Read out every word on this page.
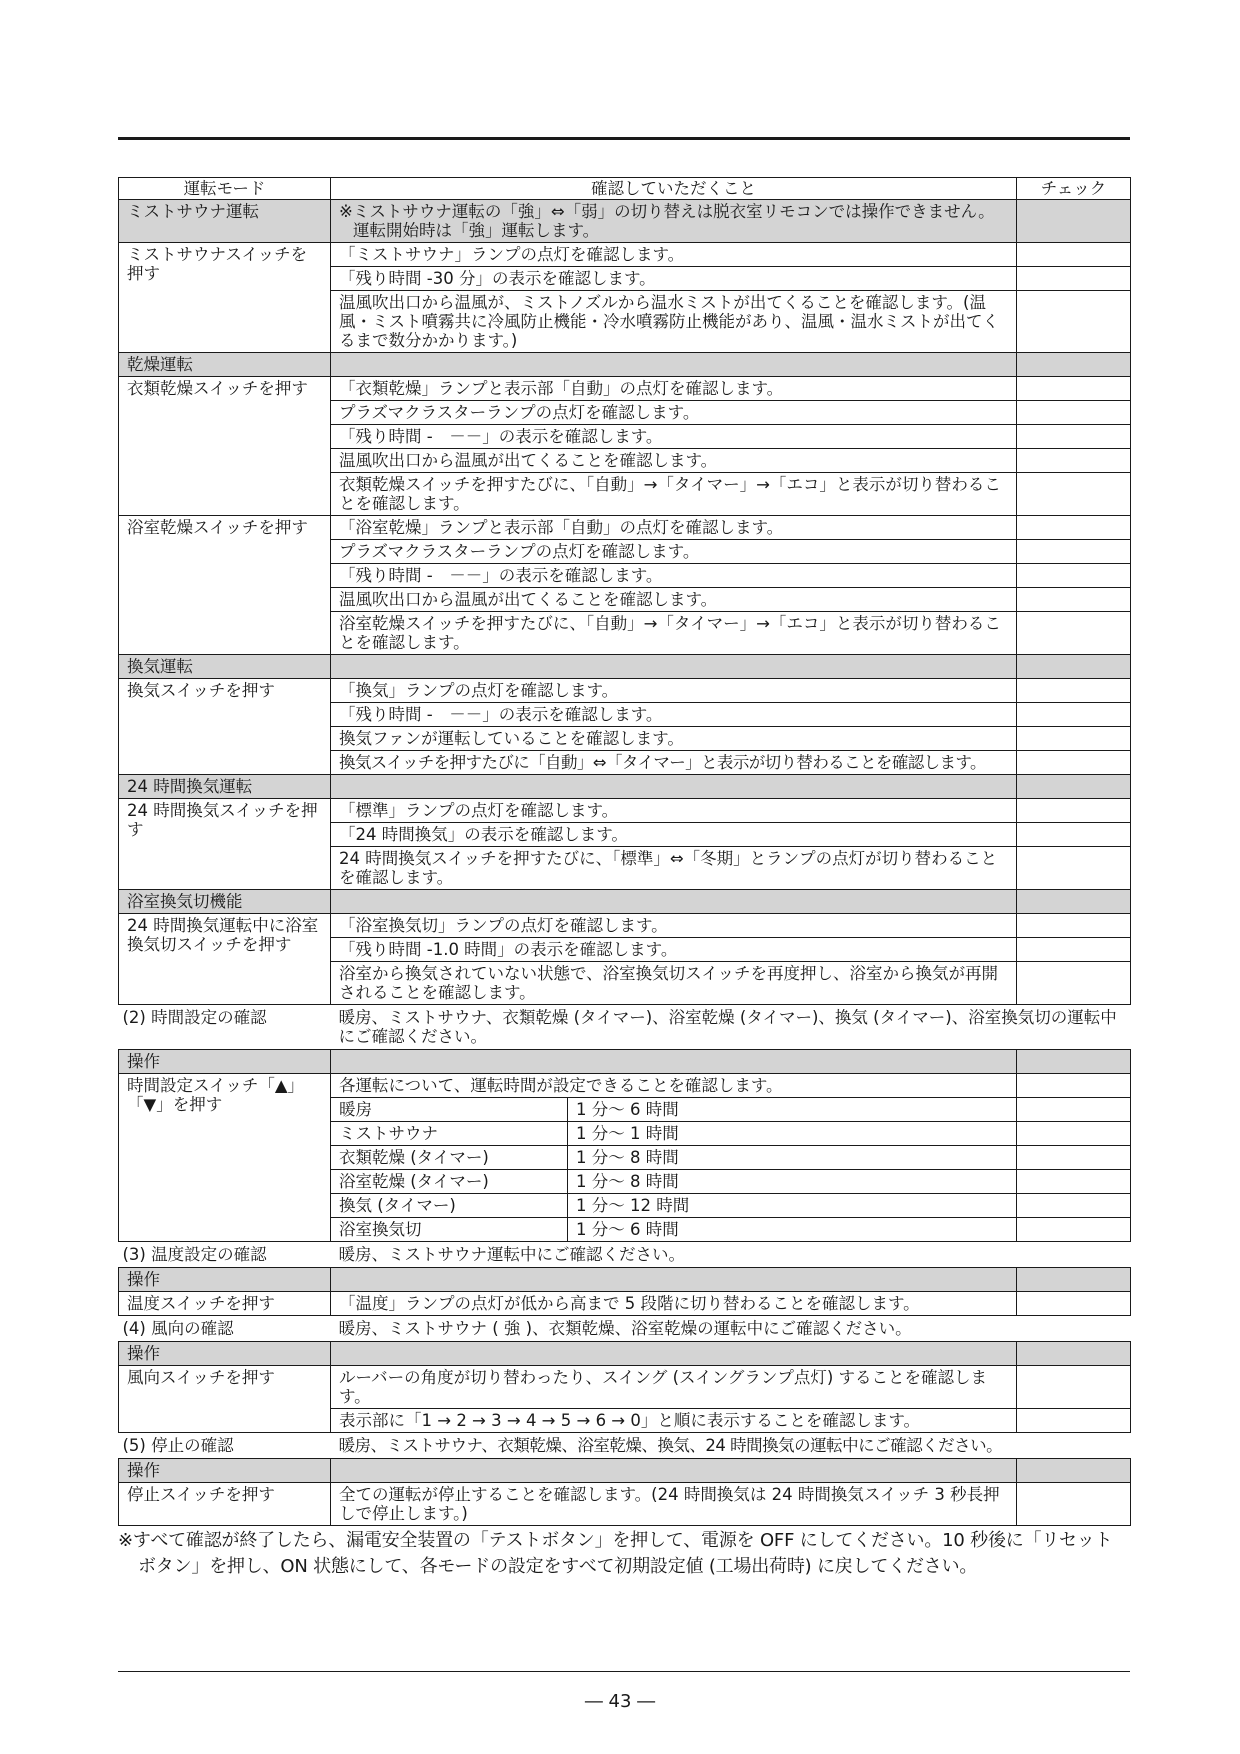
運転モード	確認していただくこと	チェック
ミストサウナ運転	※ミストサウナ運転の「強」⇔「弱」の切り替えは脱衣室リモコンでは操作できません。
運転開始時は「強」運転します。	

ミストサウナスイッチを押す	「ミストサウナ」ランプの点灯を確認します。	
	「残り時間 -30 分」の表示を確認します。	
	温風吹出口から温風が、ミストノズルから温水ミストが出てくることを確認します。(温風・ミスト噴霧共に冷風防止機能・冷水噴霧防止機能があり、温風・温水ミストが出てくるまで数分かかります。)	
乾燥運転		
衣類乾燥スイッチを押す	「衣類乾燥」ランプと表示部「自動」の点灯を確認します。	
	プラズマクラスターランプの点灯を確認します。	
	「残り時間 -　－－」の表示を確認します。	
	温風吹出口から温風が出てくることを確認します。	
	衣類乾燥スイッチを押すたびに、「自動」→「タイマー」→「エコ」と表示が切り替わることを確認します。	
浴室乾燥スイッチを押す	「浴室乾燥」ランプと表示部「自動」の点灯を確認します。	
	プラズマクラスターランプの点灯を確認します。	
	「残り時間 -　－－」の表示を確認します。	
	温風吹出口から温風が出てくることを確認します。	
	浴室乾燥スイッチを押すたびに、「自動」→「タイマー」→「エコ」と表示が切り替わることを確認します。	
換気運転		
換気スイッチを押す	「換気」ランプの点灯を確認します。	
	「残り時間 -　－－」の表示を確認します。	
	換気ファンが運転していることを確認します。	
	換気スイッチを押すたびに「自動」⇔「タイマー」と表示が切り替わることを確認します。	
24 時間換気運転		
24 時間換気スイッチを押す	「標準」ランプの点灯を確認します。	
	「24 時間換気」の表示を確認します。	
	24 時間換気スイッチを押すたびに、「標準」⇔「冬期」とランプの点灯が切り替わることを確認します。	
浴室換気切機能		
24 時間換気運転中に浴室換気切スイッチを押す	「浴室換気切」ランプの点灯を確認します。	
	「残り時間 -1.0 時間」の表示を確認します。	
	浴室から換気されていない状態で、浴室換気切スイッチを再度押し、浴室から換気が再開されることを確認します。	
(2) 時間設定の確認	暖房、ミストサウナ、衣類乾燥 (タイマー)、浴室乾燥 (タイマー)、換気 (タイマー)、浴室換気切の運転中にご確認ください。	
操作		
時間設定スイッチ「▲」「▼」を押す	各運転について、運転時間が設定できることを確認します。	

	暖房 1 分～ 6 時間	

	ミストサウナ 1 分～ 1 時間	

	衣類乾燥 (タイマー) 1 分～ 8 時間	

	浴室乾燥 (タイマー) 1 分～ 8 時間	

	換気 (タイマー) 1 分～ 12 時間	

	浴室換気切 1 分～ 6 時間	

(3) 温度設定の確認	暖房、ミストサウナ運転中にご確認ください。	
操作		
温度スイッチを押す	「温度」ランプの点灯が低から高まで 5 段階に切り替わることを確認します。	
(4) 風向の確認	暖房、ミストサウナ ( 強 )、衣類乾燥、浴室乾燥の運転中にご確認ください。	
操作		
風向スイッチを押す	ルーバーの角度が切り替わったり、スイング (スイングランプ点灯) することを確認します。	
	表示部に「1 → 2 → 3 → 4 → 5 → 6 → 0」と順に表示することを確認します。	
(5) 停止の確認	暖房、ミストサウナ、衣類乾燥、浴室乾燥、換気、24 時間換気の運転中にご確認ください。	
操作		
停止スイッチを押す	全ての運転が停止することを確認します。(24 時間換気は 24 時間換気スイッチ 3 秒長押しで停止します。)	
※すべて確認が終了したら、漏電安全装置の「テストボタン」を押して、電源を OFF にしてください。10 秒後に「リセットボタン」を押し、ON 状態にして、各モードの設定をすべて初期設定値 (工場出荷時) に戻してください。
― 43 ―
